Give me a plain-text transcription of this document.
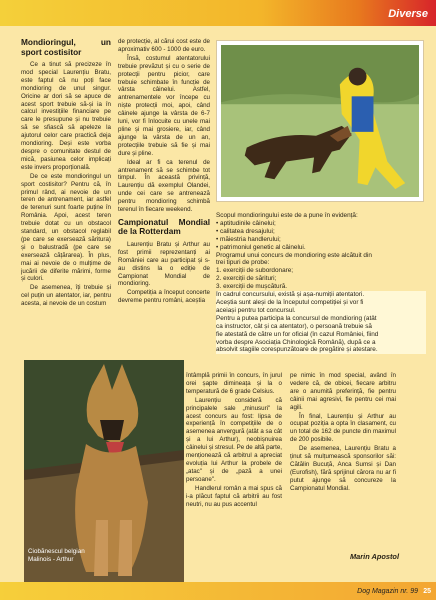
Diverse
Mondioringul, un sport costisitor

Ce a tinut să precizeze în mod special Laurențiu Bratu, este faptul că nu poți face mondioring de unul singur. Oricine ar dori să se apuce de acest sport trebuie să-și ia în calcul investițiile financiare pe care le presupune și nu trebuie să se sfiască să apeleze la ajutorul celor care practică deja mondioring. Deși este vorba despre o comunitate destul de mică, pasiunea celor implicați este invers proporțională.

De ce este mondioringul un sport costisitor? Pentru că, în primul rând, ai nevoie de un teren de antrenament, iar astfel de terenuri sunt foarte puține în România. Apoi, acest teren trebuie dotat cu un obstacol standard, un obstacol reglabil (pe care se exersează săritura) și o balustradă (pe care se exersează cățărarea). În plus, mai ai nevoie de o mulțime de jucării de diferite mărimi, forme și culori.

De asemenea, îți trebuie și cel puțin un atentator, iar, pentru acesta, ai nevoie de un costum

de protecție, al cărui cost este de aproximativ 600 - 1000 de euro.

Însă, costumul atentatorului trebuie prevăzut și cu o serie de protecții pentru picior, care trebuie schimbate în funcție de vârsta câinelui. Astfel, antrenamentele vor începe cu niște protecții moi, apoi, când câinele ajunge la vârsta de 6-7 luni, vor fi înlocuite cu unele mai pline și mai grosiere, iar, când ajunge la vârsta de un an, protecțiile trebuie să fie și mai dure și pline.

Ideal ar fi ca terenul de antrenament să se schimbe tot timpul. În această privință, Laurențiu dă exemplul Olandei, unde cei care se antrenează pentru mondioring schimbă terenul în fiecare weekend.

Campionatul Mondial de la Rotterdam

Laurențiu Bratu și Arthur au fost primii reprezentanți ai României care au participat și s-au distins la o ediție de Campionat Mondial de mondioring.

Competiția a început concerte devreme pentru români, aceștia

Scopul mondioringului este de a pune în evidență:
• aptitudinile câinelui;
• calitatea dresajului;
• măiestria handlerului;
• patrimoniul genetic al câinelui.
Programul unui concurs de mondioring este alcătuit din
trei tipuri de probe:
1. exerciții de subordonare;
2. exerciții de sărituri;
3. exerciții de mușcătură.
În cadrul concursului, există și așa-numiții atentatori.
Aceștia sunt aleși de la începutul competiției și vor fi
aceiași pentru tot concursul.
Pentru a putea participa la concursul de mondioring (atât
ca instructor, cât și ca atentator), o persoană trebuie să
fie atestată de către un for oficial (în cazul României, fiind
vorba despre Asociația Chinologică Română), după ce a
absolvit stagiile corespunzătoare de pregătire și atestare.
Ciobănescul belgian
Malinois - Arthur

întâmplă primii în concurs, în jurul orei șapte dimineața și la o temperatură de 6 grade Celsius.

Laurențiu consideră că principalele sale „minusuri" la acest concurs au fost: lipsa de experiență în competițiile de o asemenea anvergură (atât a sa cât și a lui Arthur), neobișnuirea câinelui și stresul. Pe de altă parte, menționează că arbitrul a apreciat evoluția lui Arthur la probele de „atac" și de „pază a unei persoane".

Handlerul român a mai spus că i-a plăcut faptul că arbitrii au fost neutri, nu au pus accentul

pe nimic în mod special, având în vedere că, de obicei, fiecare arbitru are o anumită preferință, fie pentru câinii mai agresivi, fie pentru cei mai agili.

În final, Laurențiu și Arthur au ocupat poziția a opta în clasament, cu un total de 162 de puncte din maximul de 200 posibile.

De asemenea, Laurențiu Bratu a ținut să mulțumească sponsorilor săi: Cătălin Bucuță, Anca Sumsi și Dan (Eurofish), fără sprijinul cărora nu ar fi putut ajunge să concureze la Campionatul Mondial.

Marin Apostol
Dog Magazin nr. 99 25
